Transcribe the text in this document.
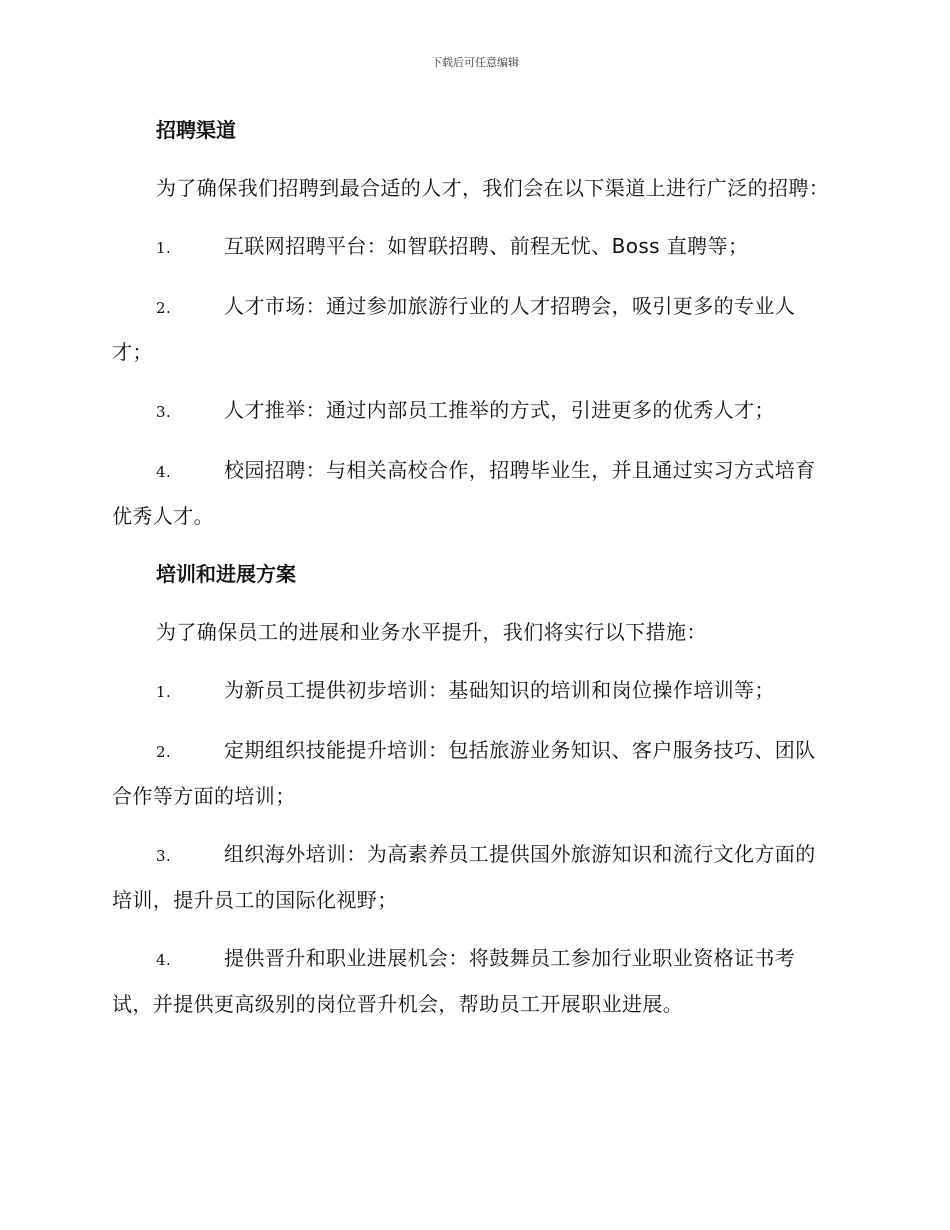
下载后可任意编辑
招聘渠道
为了确保我们招聘到最合适的人才，我们会在以下渠道上进行广泛的招聘：
1.	互联网招聘平台：如智联招聘、前程无忧、Boss 直聘等；
2.	人才市场：通过参加旅游行业的人才招聘会，吸引更多的专业人才；
3.	人才推举：通过内部员工推举的方式，引进更多的优秀人才；
4.	校园招聘：与相关高校合作，招聘毕业生，并且通过实习方式培育优秀人才。
培训和进展方案
为了确保员工的进展和业务水平提升，我们将实行以下措施：
1.	为新员工提供初步培训：基础知识的培训和岗位操作培训等；
2.	定期组织技能提升培训：包括旅游业务知识、客户服务技巧、团队合作等方面的培训；
3.	组织海外培训：为高素养员工提供国外旅游知识和流行文化方面的培训，提升员工的国际化视野；
4.	提供晋升和职业进展机会：将鼓舞员工参加行业职业资格证书考试，并提供更高级别的岗位晋升机会，帮助员工开展职业进展。
